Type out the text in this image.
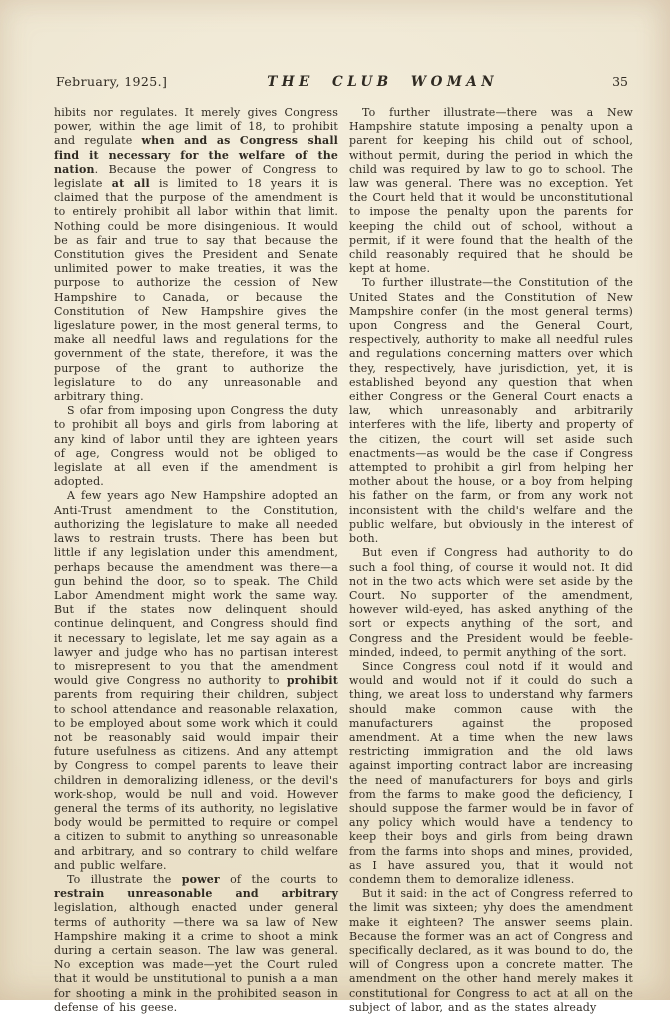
February, 1925.]	THE CLUB WOMAN	35

hibits nor regulates. It merely gives Congress power, within the age limit of 18, to prohibit and regulate when and as Congress shall find it necessary for the welfare of the nation. Because the power of Congress to legislate at all is limited to 18 years it is claimed that the purpose of the amendment is to entirely prohibit all labor within that limit. Nothing could be more disingenious. It would be as fair and true to say that because the Constitution gives the President and Senate unlimited power to make treaties, it was the purpose to authorize the cession of New Hampshire to Canada, or because the Constitution of New Hampshire gives the ligeslature power, in the most general terms, to make all needful laws and regulations for the government of the state, therefore, it was the purpose of the grant to authorize the legislature to do any unreasonable and arbitrary thing.

S ofar from imposing upon Congress the duty to prohibit all boys and girls from laboring at any kind of labor until they are ighteen years of age, Congress would not be obliged to legislate at all even if the amendment is adopted.

A few years ago New Hampshire adopted an Anti-Trust amendment to the Constitution, authorizing the legislature to make all needed laws to restrain trusts. There has been but little if any legislation under this amendment, perhaps because the amendment was there—a gun behind the door, so to speak. The Child Labor Amendment might work the same way. But if the states now delinquent should continue delinquent, and Congress should find it necessary to legislate, let me say again as a lawyer and judge who has no partisan interest to misrepresent to you that the amendment would give Congress no authority to prohibit parents from requiring their children, subject to school attendance and reasonable relaxation, to be employed about some work which it could not be reasonably said would impair their future usefulness as citizens. And any attempt by Congress to compel parents to leave their children in demoralizing idleness, or the devil's work-shop, would be null and void. However general the terms of its authority, no legislative body would be permitted to require or compel a citizen to submit to anything so unreasonable and arbitrary, and so contrary to child welfare and public welfare.

To illustrate the power of the courts to restrain unreasonable and arbitrary legislation, although enacted under general terms of authority —there wa sa law of New Hampshire making it a crime to shoot a mink during a certain season. The law was general. No exception was made—yet the Court ruled that it would be unstitutional to punish a a man for shooting a mink in the prohibited season in defense of his geese.

To further illustrate—there was a New Hampshire statute imposing a penalty upon a parent for keeping his child out of school, without permit, during the period in which the child was required by law to go to school. The law was general. There was no exception. Yet the Court held that it would be unconstitutional to impose the penalty upon the parents for keeping the child out of school, without a permit, if it were found that the health of the child reasonably required that he should be kept at home.

To further illustrate—the Constitution of the United States and the Constitution of New Mampshire confer (in the most general terms) upon Congress and the General Court, respectively, authority to make all needful rules and regulations concerning matters over which they, respectively, have jurisdiction, yet, it is established beyond any question that when either Congress or the General Court enacts a law, which unreasonably and arbitrarily interferes with the life, liberty and property of the citizen, the court will set aside such enactments—as would be the case if Congress attempted to prohibit a girl from helping her mother about the house, or a boy from helping his father on the farm, or from any work not inconsistent with the child's welfare and the public welfare, but obviously in the interest of both.

But even if Congress had authority to do such a fool thing, of course it would not. It did not in the two acts which were set aside by the Court. No supporter of the amendment, however wild-eyed, has asked anything of the sort or expects anything of the sort, and Congress and the President would be feeble-minded, indeed, to permit anything of the sort.

Since Congress coul notd if it would and would and would not if it could do such a thing, we areat loss to understand why farmers should make common cause with the manufacturers against the proposed amendment. At a time when the new laws restricting immigration and the old laws against importing contract labor are increasing the need of manufacturers for boys and girls from the farms to make good the deficiency, I should suppose the farmer would be in favor of any policy which would have a tendency to keep their boys and girls from being drawn from the farms into shops and mines, provided, as I have assured you, that it would not condemn them to demoralize idleness.

But it said: in the act of Congress referred to the limit was sixteen; yhy does the amendment make it eighteen? The answer seems plain. Because the former was an act of Congress and specifically declared, as it was bound to do, the will of Congress upon a concrete matter. The amendment on the other hand merely makes it constitutional for Congress to act at all on the subject of labor, and as the states already
